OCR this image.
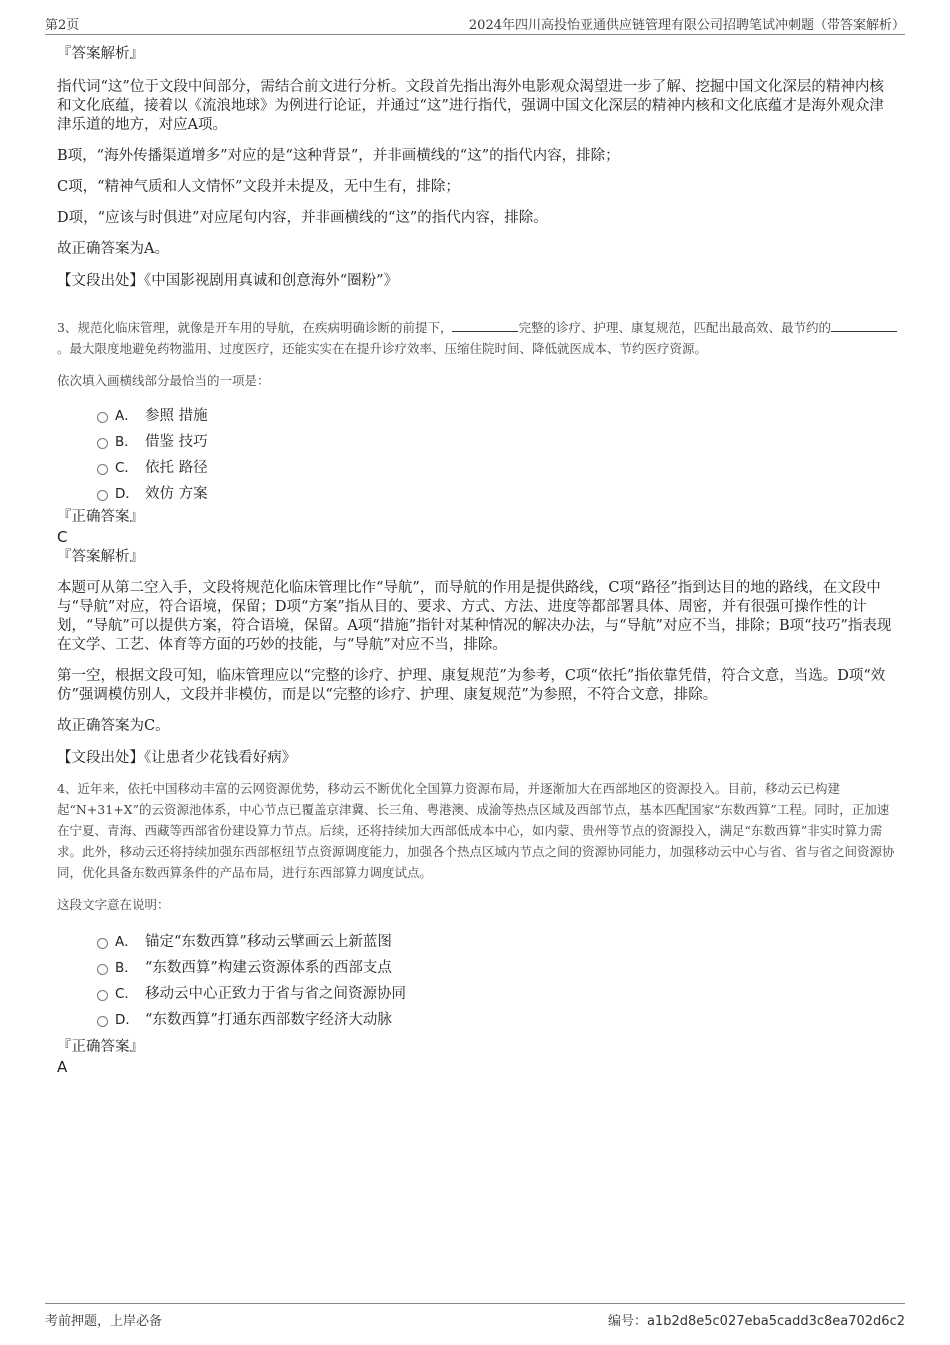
第2页	2024年四川高投怡亚通供应链管理有限公司招聘笔试冲刺题（带答案解析）

『答案解析』

指代词“这”位于文段中间部分，需结合前文进行分析。文段首先指出海外电影观众渴望进一步了解、挖掘中国文化深层的精神内核和文化底蕴，接着以《流浪地球》为例进行论证，并通过“这”进行指代，强调中国文化深层的精神内核和文化底蕴才是海外观众津津乐道的地方，对应A项。

B项，“海外传播渠道增多”对应的是“这种背景”，并非画横线的“这”的指代内容，排除；

C项，“精神气质和人文情怀”文段并未提及，无中生有，排除；

D项，“应该与时俱进”对应尾句内容，并非画横线的“这”的指代内容，排除。

故正确答案为A。

【文段出处】《中国影视剧用真诚和创意海外“圈粉”》

3、规范化临床管理，就像是开车用的导航，在疾病明确诊断的前提下，	完整的诊疗、护理、康复规范，匹配出最高效、最节约的。最大限度地避免药物滥用、过度医疗，还能实实在在提升诊疗效率、压缩住院时间、降低就医成本、节约医疗资源。

依次填入画横线部分最恰当的一项是：

A． 参照 措施
B． 借鉴 技巧
C． 依托 路径
D． 效仿 方案

『正确答案』

C

『答案解析』

本题可从第二空入手，文段将规范化临床管理比作“导航”，而导航的作用是提供路线，C项“路径”指到达目的地的路线，在文段中与“导航”对应，符合语境，保留；D项“方案”指从目的、要求、方式、方法、进度等都部署具体、周密，并有很强可操作性的计划，“导航”可以提供方案，符合语境，保留。A项“措施”指针对某种情况的解决办法，与“导航”对应不当，排除；B项“技巧”指表现在文学、工艺、体育等方面的巧妙的技能，与“导航”对应不当，排除。

第一空，根据文段可知，临床管理应以“完整的诊疗、护理、康复规范”为参考，C项“依托”指依靠凭借，符合文意，当选。D项“效仿”强调模仿别人，文段并非模仿，而是以“完整的诊疗、护理、康复规范”为参照，不符合文意，排除。

故正确答案为C。

【文段出处】《让患者少花钱看好病》

4、近年来，依托中国移动丰富的云网资源优势，移动云不断优化全国算力资源布局，并逐渐加大在西部地区的资源投入。目前，移动云已构建起“N+31+X”的云资源池体系，中心节点已覆盖京津冀、长三角、粤港澳、成渝等热点区域及西部节点，基本匹配国家“东数西算”工程。同时，正加速在宁夏、青海、西藏等西部省份建设算力节点。后续，还将持续加大西部低成本中心，如内蒙、贵州等节点的资源投入，满足“东数西算”非实时算力需求。此外，移动云还将持续加强东西部枢纽节点资源调度能力，加强各个热点区域内节点之间的资源协同能力，加强移动云中心与省、省与省之间资源协同，优化具备东数西算条件的产品布局，进行东西部算力调度试点。

这段文字意在说明：

A． 锚定“东数西算”移动云擘画云上新蓝图
B． “东数西算”构建云资源体系的西部支点
C． 移动云中心正致力于省与省之间资源协同
D． “东数西算”打通东西部数字经济大动脉

『正确答案』

A

考前押题，上岸必备	编号：a1b2d8e5c027eba5cadd3c8ea702d6c2
